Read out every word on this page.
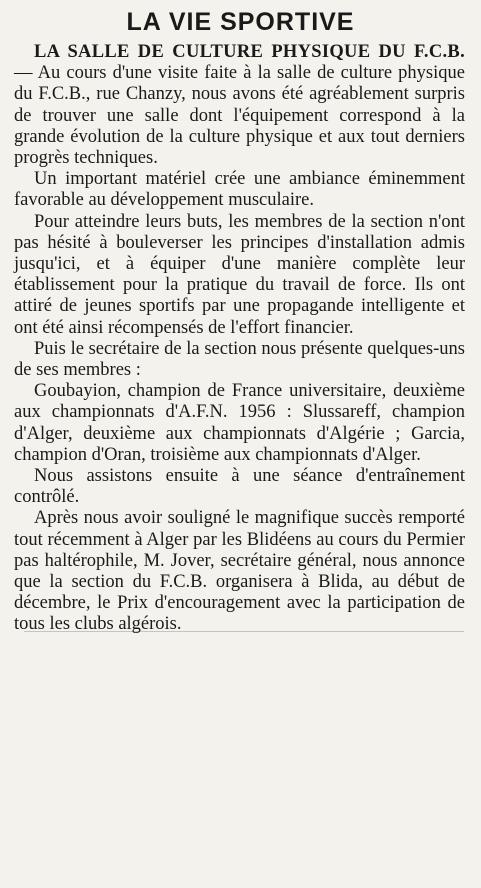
LA VIE SPORTIVE

LA SALLE DE CULTURE PHYSIQUE DU F.C.B. — Au cours d'une visite faite à la salle de culture physique du F.C.B., rue Chanzy, nous avons été agréablement surpris de trouver une salle dont l'équipement correspond à la grande évolution de la culture physique et aux tout derniers progrès techniques.

Un important matériel crée une ambiance éminemment favorable au développement musculaire.

Pour atteindre leurs buts, les membres de la section n'ont pas hésité à bouleverser les principes d'installation admis jusqu'ici, et à équiper d'une manière complète leur établissement pour la pratique du travail de force. Ils ont attiré de jeunes sportifs par une propagande intelligente et ont été ainsi récompensés de l'effort financier.

Puis le secrétaire de la section nous présente quelques-uns de ses membres :

Goubayion, champion de France universitaire, deuxième aux championnats d'A.F.N. 1956 : Slussareff, champion d'Alger, deuxième aux championnats d'Algérie ; Garcia, champion d'Oran, troisième aux championnats d'Alger.

Nous assistons ensuite à une séance d'entraînement contrôlé.

Après nous avoir souligné le magnifique succès remporté tout récemment à Alger par les Blidéens au cours du Permier pas haltérophile, M. Jover, secrétaire général, nous annonce que la section du F.C.B. organisera à Blida, au début de décembre, le Prix d'encouragement avec la participation de tous les clubs algérois.
